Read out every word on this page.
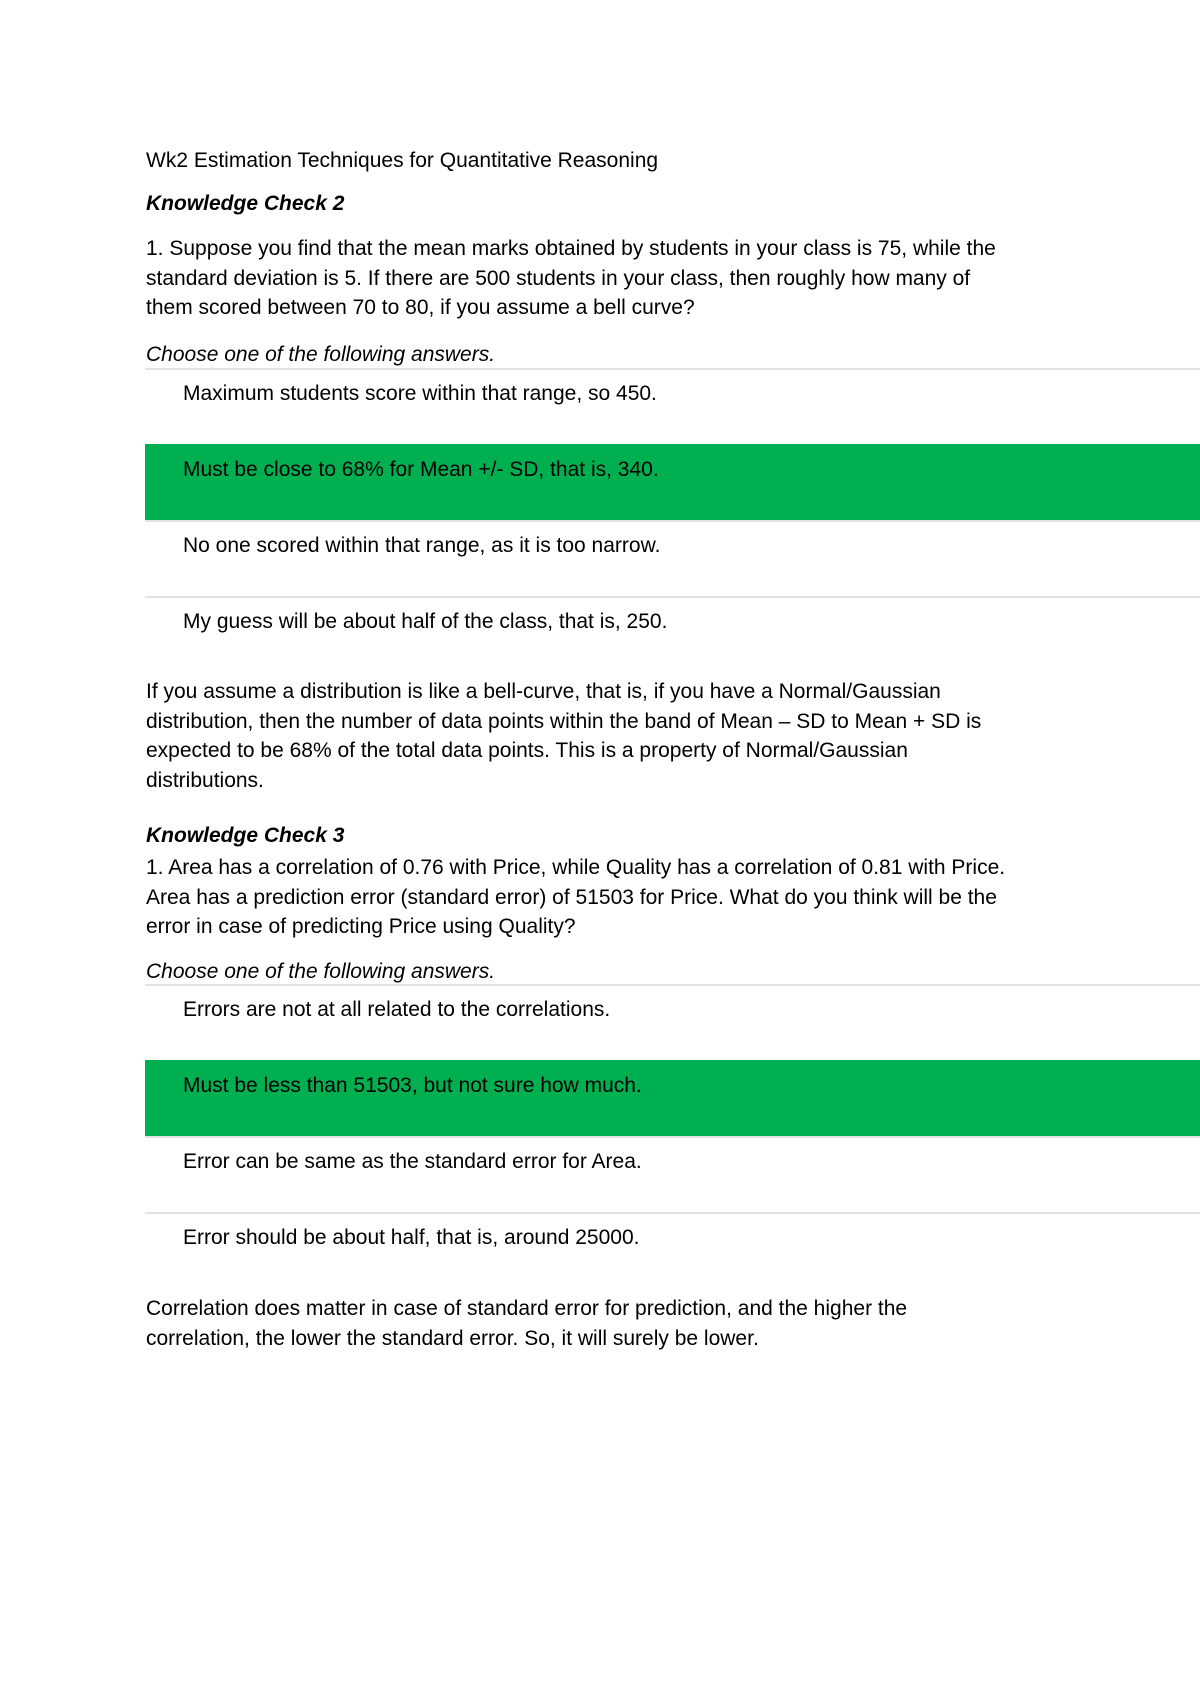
Wk2 Estimation Techniques for Quantitative Reasoning
Knowledge Check 2
1. Suppose you find that the mean marks obtained by students in your class is 75, while the
standard deviation is 5. If there are 500 students in your class, then roughly how many of
them scored between 70 to 80, if you assume a bell curve?
Choose one of the following answers.
Maximum students score within that range, so 450.
Must be close to 68% for Mean +/- SD, that is, 340.
No one scored within that range, as it is too narrow.
My guess will be about half of the class, that is, 250.
If you assume a distribution is like a bell-curve, that is, if you have a Normal/Gaussian
distribution, then the number of data points within the band of Mean – SD to Mean + SD is
expected to be 68% of the total data points. This is a property of Normal/Gaussian
distributions.
Knowledge Check 3
1. Area has a correlation of 0.76 with Price, while Quality has a correlation of 0.81 with Price.
Area has a prediction error (standard error) of 51503 for Price. What do you think will be the
error in case of predicting Price using Quality?
Choose one of the following answers.
Errors are not at all related to the correlations.
Must be less than 51503, but not sure how much.
Error can be same as the standard error for Area.
Error should be about half, that is, around 25000.
Correlation does matter in case of standard error for prediction, and the higher the
correlation, the lower the standard error. So, it will surely be lower.
